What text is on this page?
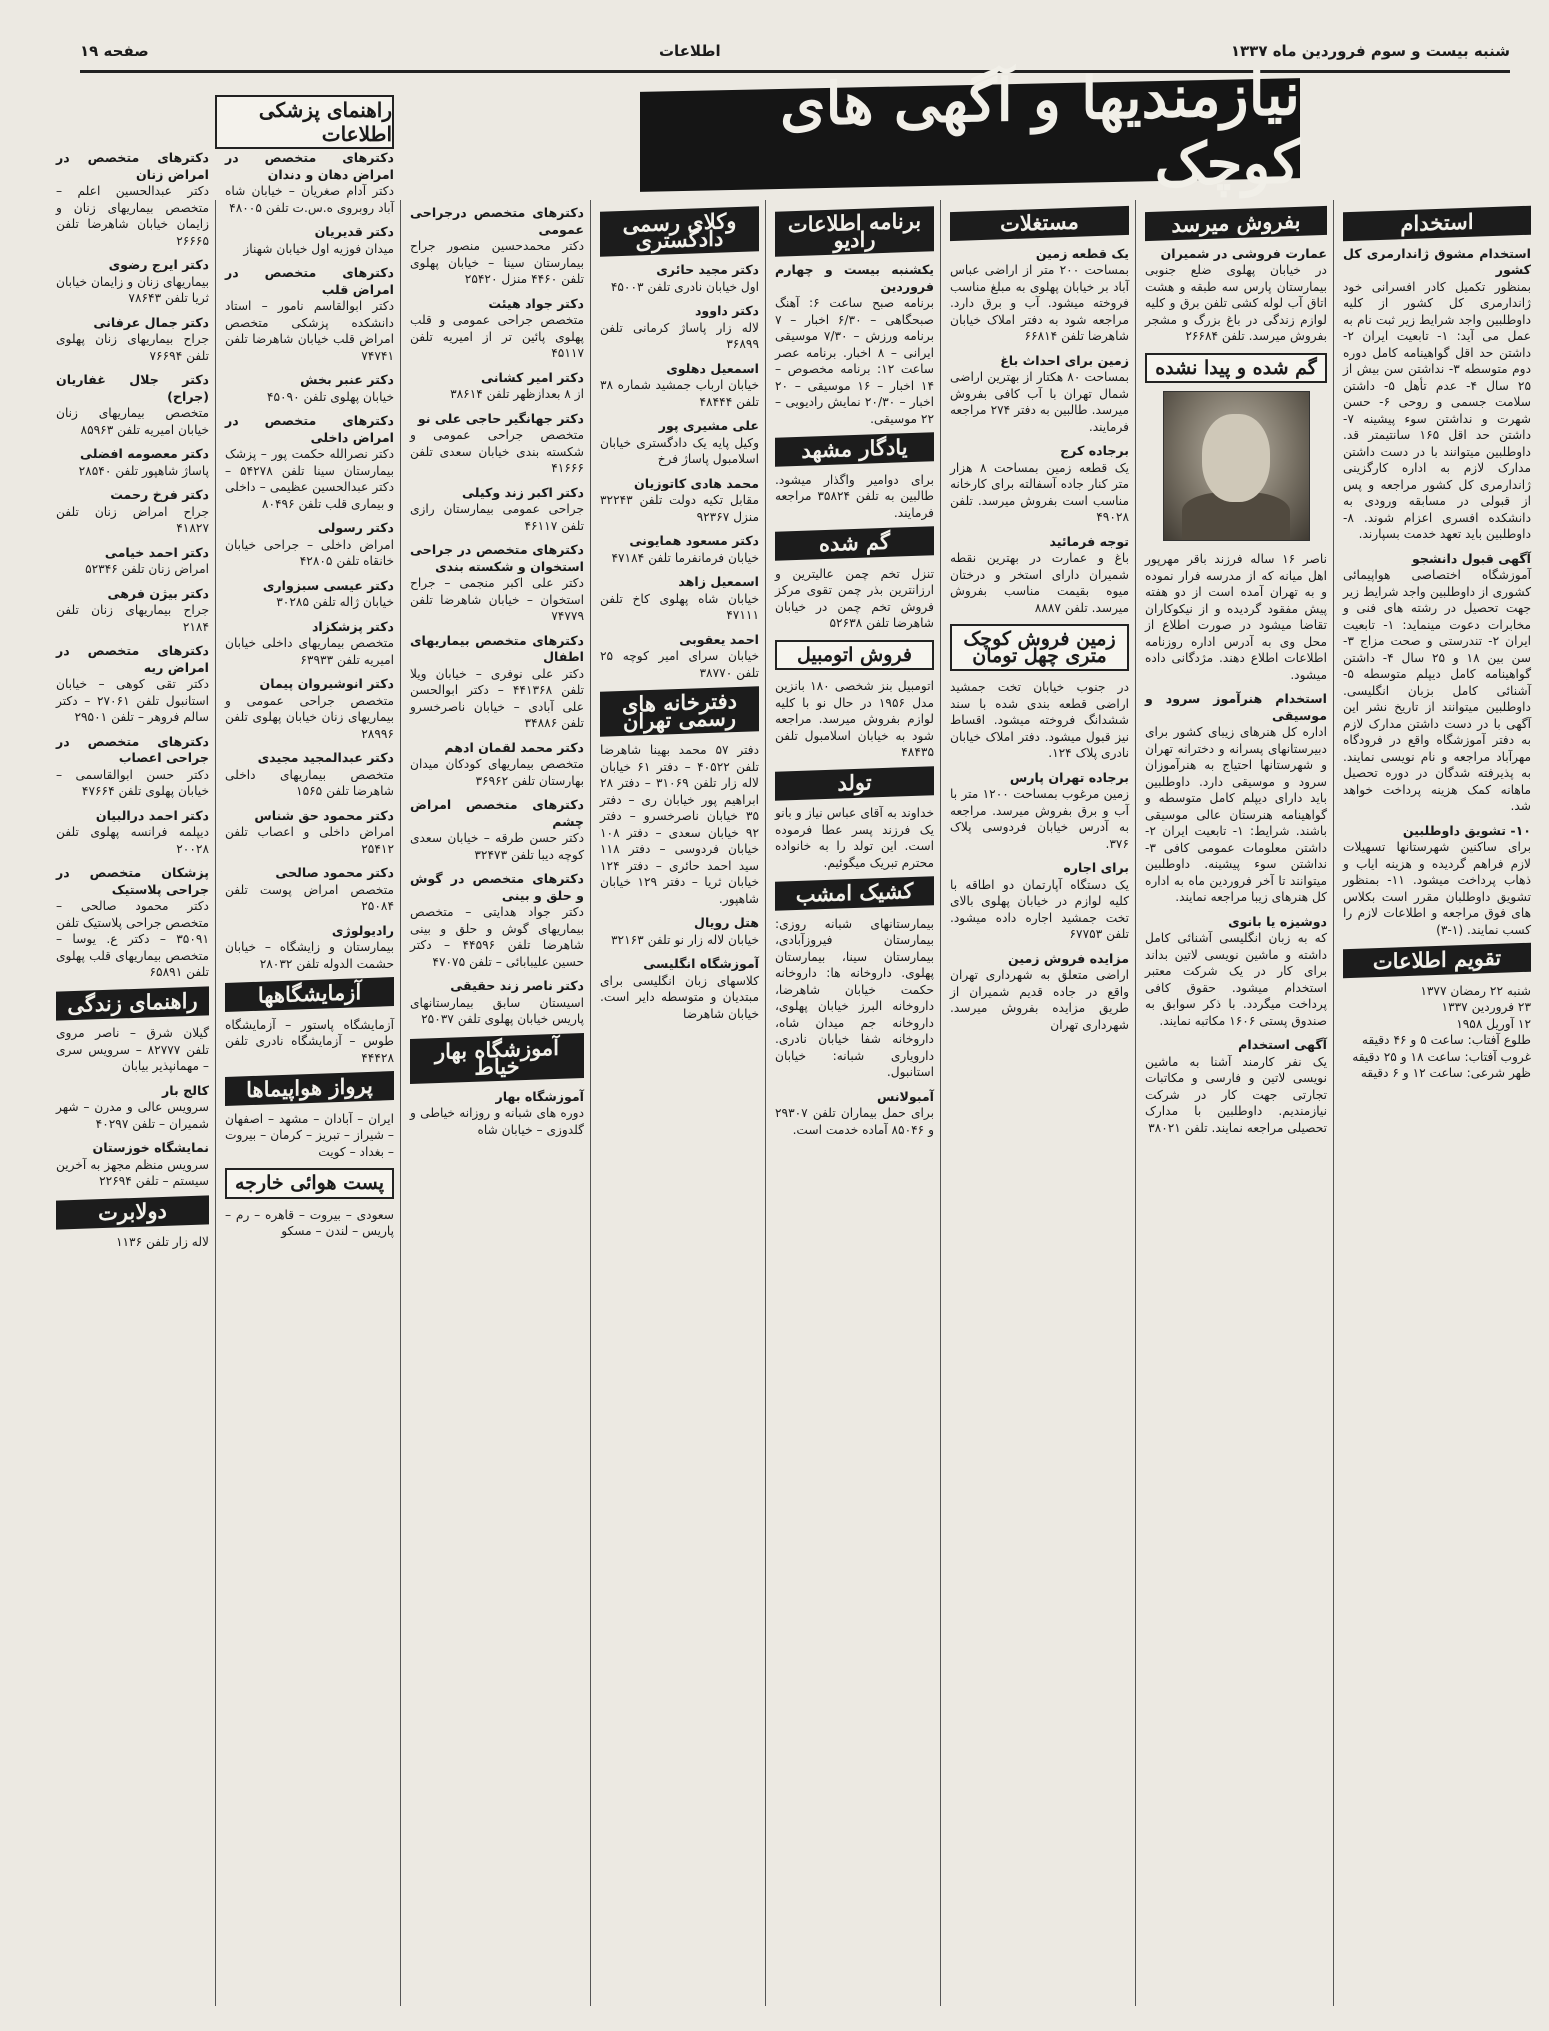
صفحه ۱۹	اطلاعات	شنبه بیست و سوم فروردین ماه ۱۳۳۷
نیازمندیها و آگهی های کوچک
راهنمای پزشکی اطلاعات
استخدام
استخدام مشوق ژاندارمری کل کشور
بمنظور تکمیل کادر افسرانی خود ژاندارمری کل کشور از کلیه داوطلبین واجد شرایط زیر ثبت نام به عمل می آید: ۱- تابعیت ایران ۲- داشتن حد اقل گواهینامه کامل دوره دوم متوسطه ۳- نداشتن سن بیش از ۲۵ سال ۴- عدم تأهل ۵- داشتن سلامت جسمی و روحی ۶- حسن شهرت و نداشتن سوء پیشینه ۷- داشتن حد اقل ۱۶۵ سانتیمتر قد. داوطلبین میتوانند با در دست داشتن مدارک لازم به اداره کارگزینی ژاندارمری کل کشور مراجعه و پس از قبولی در مسابقه ورودی به دانشکده افسری اعزام شوند. ۸- داوطلبین باید تعهد خدمت بسپارند.
آگهی قبول دانشجو
آموزشگاه اختصاصی هواپیمائی کشوری از داوطلبین واجد شرایط زیر جهت تحصیل در رشته های فنی و مخابرات دعوت مینماید: ۱- تابعیت ایران ۲- تندرستی و صحت مزاج ۳- سن بین ۱۸ و ۲۵ سال ۴- داشتن گواهینامه کامل دیپلم متوسطه ۵- آشنائی کامل بزبان انگلیسی. داوطلبین میتوانند از تاریخ نشر این آگهی با در دست داشتن مدارک لازم به دفتر آموزشگاه واقع در فرودگاه مهرآباد مراجعه و نام نویسی نمایند. به پذیرفته شدگان در دوره تحصیل ماهانه کمک هزینه پرداخت خواهد شد.
۱۰- تشویق داوطلبین
برای ساکنین شهرستانها تسهیلات لازم فراهم گردیده و هزینه ایاب و ذهاب پرداخت میشود. ۱۱- بمنظور تشویق داوطلبان مقرر است بکلاس های فوق مراجعه و اطلاعات لازم را کسب نمایند. (۱-۳)
تقویم اطلاعات
شنبه ۲۲ رمضان ۱۳۷۷
۲۳ فروردین ۱۳۳۷
۱۲ آوریل ۱۹۵۸
طلوع آفتاب: ساعت ۵ و ۴۶ دقیقه
غروب آفتاب: ساعت ۱۸ و ۲۵ دقیقه
ظهر شرعی: ساعت ۱۲ و ۶ دقیقه
بفروش میرسد
عمارت فروشی در شمیران
در خیابان پهلوی ضلع جنوبی بیمارستان پارس سه طبقه و هشت اتاق آب لوله کشی تلفن برق و کلیه لوازم زندگی در باغ بزرگ و مشجر بفروش میرسد. تلفن ۲۶۶۸۴
گم شده و پیدا نشده
ناصر ۱۶ ساله فرزند باقر مهرپور اهل میانه که از مدرسه فرار نموده و به تهران آمده است از دو هفته پیش مفقود گردیده و از نیکوکاران تقاضا میشود در صورت اطلاع از محل وی به آدرس اداره روزنامه اطلاعات اطلاع دهند. مژدگانی داده میشود.
استخدام هنرآموز سرود و موسیقی
اداره کل هنرهای زیبای کشور برای دبیرستانهای پسرانه و دخترانه تهران و شهرستانها احتیاج به هنرآموزان سرود و موسیقی دارد. داوطلبین باید دارای دیپلم کامل متوسطه و گواهینامه هنرستان عالی موسیقی باشند. شرایط: ۱- تابعیت ایران ۲- داشتن معلومات عمومی کافی ۳- نداشتن سوء پیشینه. داوطلبین میتوانند تا آخر فروردین ماه به اداره کل هنرهای زیبا مراجعه نمایند.
دوشیزه یا بانوی
که به زبان انگلیسی آشنائی کامل داشته و ماشین نویسی لاتین بداند برای کار در یک شرکت معتبر استخدام میشود. حقوق کافی پرداخت میگردد. با ذکر سوابق به صندوق پستی ۱۶۰۶ مکاتبه نمایند.
آگهی استخدام
یک نفر کارمند آشنا به ماشین نویسی لاتین و فارسی و مکاتبات تجارتی جهت کار در شرکت نیازمندیم. داوطلبین با مدارک تحصیلی مراجعه نمایند. تلفن ۳۸۰۲۱
مستغلات
یک قطعه زمین
بمساحت ۲۰۰ متر از اراضی عباس آباد بر خیابان پهلوی به مبلغ مناسب فروخته میشود. آب و برق دارد. مراجعه شود به دفتر املاک خیابان شاهرضا تلفن ۶۶۸۱۴
زمین برای احداث باغ
بمساحت ۸۰ هکتار از بهترین اراضی شمال تهران با آب کافی بفروش میرسد. طالبین به دفتر ۲۷۴ مراجعه فرمایند.
برجاده کرج
یک قطعه زمین بمساحت ۸ هزار متر کنار جاده آسفالته برای کارخانه مناسب است بفروش میرسد. تلفن ۴۹۰۲۸
توجه فرمائید
باغ و عمارت در بهترین نقطه شمیران دارای استخر و درختان میوه بقیمت مناسب بفروش میرسد. تلفن ۸۸۸۷
زمین فروش کوچک مترى چهل تومان
در جنوب خیابان تخت جمشید اراضی قطعه بندی شده با سند ششدانگ فروخته میشود. اقساط نیز قبول میشود. دفتر املاک خیابان نادری پلاک ۱۲۴.
برجاده تهران پارس
زمین مرغوب بمساحت ۱۲۰۰ متر با آب و برق بفروش میرسد. مراجعه به آدرس خیابان فردوسی پلاک ۳۷۶.
برای اجاره
یک دستگاه آپارتمان دو اطاقه با کلیه لوازم در خیابان پهلوی بالای تخت جمشید اجاره داده میشود. تلفن ۶۷۷۵۳
مزایده فروش زمین
اراضی متعلق به شهرداری تهران واقع در جاده قدیم شمیران از طریق مزایده بفروش میرسد. شهرداری تهران
برنامه اطلاعات رادیو
یکشنبه بیست و چهارم فروردین
برنامه صبح ساعت ۶: آهنگ صبحگاهی – ۶/۳۰ اخبار – ۷ برنامه ورزش – ۷/۳۰ موسیقی ایرانی – ۸ اخبار. برنامه عصر ساعت ۱۲: برنامه مخصوص – ۱۴ اخبار – ۱۶ موسیقی – ۲۰ اخبار – ۲۰/۳۰ نمایش رادیویی – ۲۲ موسیقی.
یادگار مشهد
برای دوامیر واگذار میشود. طالبین به تلفن ۳۵۸۲۴ مراجعه فرمایند.
گم شده
تنزل تخم چمن عالیترین و ارزانترین بذر چمن تقوی مرکز فروش تخم چمن در خیابان شاهرضا تلفن ۵۲۶۳۸
فروش اتومبیل
اتومبیل بنز شخصی ۱۸۰ بانزین مدل ۱۹۵۶ در حال نو با کلیه لوازم بفروش میرسد. مراجعه شود به خیابان اسلامبول تلفن ۴۸۴۳۵
تولد
خداوند به آقای عباس نیاز و بانو یک فرزند پسر عطا فرموده است. این تولد را به خانواده محترم تبریک میگوئیم.
کشیک امشب
بیمارستانهای شبانه روزی: بیمارستان فیروزآبادی، بیمارستان سینا، بیمارستان پهلوی. داروخانه ها: داروخانه حکمت خیابان شاهرضا، داروخانه البرز خیابان پهلوی، داروخانه جم میدان شاه، داروخانه شفا خیابان نادری. دارویاری شبانه: خیابان استانبول.
آمبولانس
برای حمل بیماران تلفن ۲۹۳۰۷ و ۸۵۰۴۶ آماده خدمت است.
وکلای رسمی دادگستری
دکتر مجید حائری
اول خیابان نادری تلفن ۴۵۰۰۳
دکتر داوود
لاله زار پاساژ کرمانی تلفن ۳۶۸۹۹
اسمعیل دهلوی
خیابان ارباب جمشید شماره ۳۸ تلفن ۴۸۴۴۴
علی مشیری پور
وکیل پایه یک دادگستری خیابان اسلامبول پاساژ فرخ
محمد هادی کاتوزیان
مقابل تکیه دولت تلفن ۳۲۲۴۳ منزل ۹۲۳۶۷
دکتر مسعود همایونی
خیابان فرمانفرما تلفن ۴۷۱۸۴
اسمعیل زاهد
خیابان شاه پهلوی کاخ تلفن ۴۷۱۱۱
احمد یعقوبی
خیابان سرای امیر کوچه ۲۵ تلفن ۳۸۷۷۰
دفترخانه های رسمی تهران
دفتر ۵۷ محمد بهینا شاهرضا تلفن ۴۰۵۲۲ – دفتر ۶۱ خیابان لاله زار تلفن ۳۱۰۶۹ – دفتر ۲۸ ابراهیم پور خیابان ری – دفتر ۳۵ خیابان ناصرخسرو – دفتر ۹۲ خیابان سعدی – دفتر ۱۰۸ خیابان فردوسی – دفتر ۱۱۸ سید احمد حائری – دفتر ۱۲۴ خیابان ثریا – دفتر ۱۲۹ خیابان شاهپور.
هتل رویال
خیابان لاله زار نو تلفن ۳۲۱۶۳
آموزشگاه انگلیسی
کلاسهای زبان انگلیسی برای مبتدیان و متوسطه دایر است. خیابان شاهرضا
دکترهای متخصص درجراحی عمومی
دکتر محمدحسین منصور جراح بیمارستان سینا – خیابان پهلوی تلفن ۴۴۶۰ منزل ۲۵۴۲۰
دکتر جواد هیئت
متخصص جراحی عمومی و قلب پهلوی پائین تر از امیریه تلفن ۴۵۱۱۷
دکتر امیر کشانی
از ۸ بعدازظهر تلفن ۳۸۶۱۴
دکتر جهانگیر حاجی علی نو
متخصص جراحی عمومی و شکسته بندی خیابان سعدی تلفن ۴۱۶۶۶
دکتر اکبر زند وکیلی
جراحی عمومی بیمارستان رازی تلفن ۴۶۱۱۷
دکترهای متخصص در جراحی استخوان و شکسته بندی
دکتر علی اکبر منجمی – جراح استخوان – خیابان شاهرضا تلفن ۷۴۷۷۹
دکترهای متخصص بیماریهای اطفال
دکتر علی نوفری – خیابان ویلا تلفن ۴۴۱۳۶۸ – دکتر ابوالحسن علی آبادی – خیابان ناصرخسرو تلفن ۳۴۸۸۶
دکتر محمد لقمان ادهم
متخصص بیماریهای کودکان میدان بهارستان تلفن ۳۶۹۶۲
دکترهای متخصص امراض چشم
دکتر حسن طرقه – خیابان سعدی کوچه دیبا تلفن ۳۲۴۷۳
دکترهای متخصص در گوش و حلق و بینی
دکتر جواد هدایتی – متخصص بیماریهای گوش و حلق و بینی شاهرضا تلفن ۴۴۵۹۶ – دکتر حسین علیبابائی – تلفن ۴۷۰۷۵
دکتر ناصر زند حقیقی
اسیستان سابق بیمارستانهای پاریس خیابان پهلوی تلفن ۲۵۰۳۷
آموزشگاه بهار خیاط
آموزشگاه بهار
دوره های شبانه و روزانه خیاطی و گلدوزی – خیابان شاه
دکترهای متخصص در امراض دهان و دندان
دکتر آدام صغریان – خیابان شاه آباد روبروی ه.س.ت تلفن ۴۸۰۰۵
دکتر قدیریان
میدان فوزیه اول خیابان شهناز
دکترهای متخصص در امراض قلب
دکتر ابوالقاسم نامور – استاد دانشکده پزشکی متخصص امراض قلب خیابان شاهرضا تلفن ۷۴۷۴۱
دکتر عنبر بخش
خیابان پهلوی تلفن ۴۵۰۹۰
دکترهای متخصص در امراض داخلی
دکتر نصرالله حکمت پور – پزشک بیمارستان سینا تلفن ۵۴۲۷۸ – دکتر عبدالحسین عظیمی – داخلی و بیماری قلب تلفن ۸۰۴۹۶
دکتر رسولی
امراض داخلی – جراحی خیابان خانقاه تلفن ۴۲۸۰۵
دکتر عیسی سبزواری
خیابان ژاله تلفن ۳۰۲۸۵
دکتر پزشکزاد
متخصص بیماریهای داخلی خیابان امیریه تلفن ۶۳۹۳۳
دکتر انوشیروان پیمان
متخصص جراحی عمومی و بیماریهای زنان خیابان پهلوی تلفن ۲۸۹۹۶
دکتر عبدالمجید مجیدی
متخصص بیماریهای داخلی شاهرضا تلفن ۱۵۶۵
دکتر محمود حق شناس
امراض داخلی و اعصاب تلفن ۲۵۴۱۲
دکتر محمود صالحی
متخصص امراض پوست تلفن ۲۵۰۸۴
رادیولوژی
بیمارستان و زایشگاه – خیابان حشمت الدوله تلفن ۲۸۰۳۲
آزمایشگاهها
آزمایشگاه پاستور – آزمایشگاه طوس – آزمایشگاه نادری تلفن ۴۴۴۲۸
پرواز هواپیماها
ایران – آبادان – مشهد – اصفهان – شیراز – تبریز – کرمان – بیروت – بغداد – کویت
پست هوائی خارجه
سعودی – بیروت – قاهره – رم – پاریس – لندن – مسکو
دکترهای متخصص در امراض زنان
دکتر عبدالحسین اعلم – متخصص بیماریهای زنان و زایمان خیابان شاهرضا تلفن ۲۶۶۶۵
دکتر ایرج رضوی
بیماریهای زنان و زایمان خیابان ثریا تلفن ۷۸۶۴۳
دکتر جمال عرفانی
جراح بیماریهای زنان پهلوی تلفن ۷۶۶۹۴
دکتر جلال غفاریان (جراح)
متخصص بیماریهای زنان خیابان امیریه تلفن ۸۵۹۶۳
دکتر معصومه افضلی
پاساژ شاهپور تلفن ۲۸۵۴۰
دکتر فرخ رحمت
جراح امراض زنان تلفن ۴۱۸۲۷
دکتر احمد خیامی
امراض زنان تلفن ۵۲۳۴۶
دکتر بیژن فرهی
جراح بیماریهای زنان تلفن ۲۱۸۴
دکترهای متخصص در امراض ریه
دکتر تقی کوهی – خیابان استانبول تلفن ۲۷۰۶۱ – دکتر سالم فروهر – تلفن ۲۹۵۰۱
دکترهای متخصص در جراحی اعصاب
دکتر حسن ابوالقاسمی – خیابان پهلوی تلفن ۴۷۶۶۴
دکتر احمد درالبیان
دیپلمه فرانسه پهلوی تلفن ۲۰۰۲۸
پزشکان متخصص در جراحی پلاستیک
دکتر محمود صالحی – متخصص جراحی پلاستیک تلفن ۳۵۰۹۱ – دکتر ع. یوسا – متخصص بیماریهای قلب پهلوی تلفن ۶۵۸۹۱
راهنمای زندگی
گیلان شرق – ناصر مروی تلفن ۸۲۷۷۷ – سرویس سری – مهمانپذیر بیابان
کالج بار
سرویس عالی و مدرن – شهر شمیران – تلفن ۴۰۲۹۷
نمایشگاه خوزستان
سرویس منظم مجهز به آخرین سیستم – تلفن ۲۲۶۹۴
دولابرت
لاله زار تلفن ۱۱۳۶
